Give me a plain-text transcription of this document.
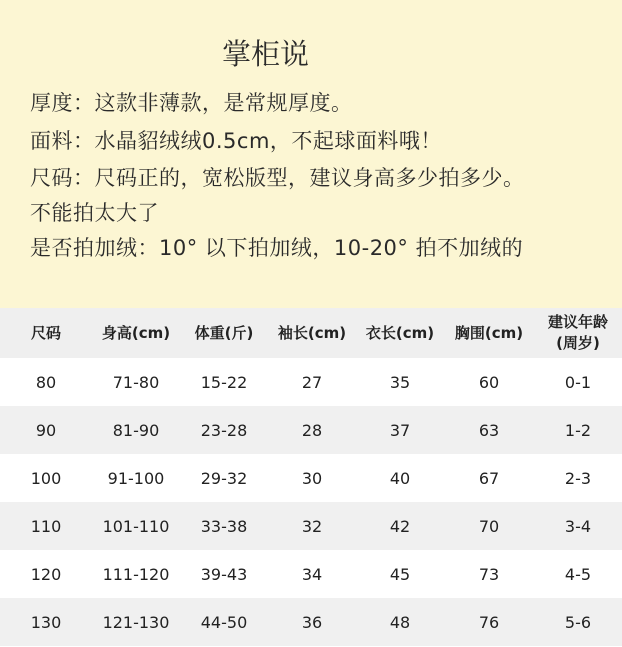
掌柜说
厚度：这款非薄款，是常规厚度。
面料：水晶貂绒绒0.5cm，不起球面料哦！
尺码：尺码正的，宽松版型，建议身高多少拍多少。
不能拍太大了
是否拍加绒：10° 以下拍加绒，10-20° 拍不加绒的
尺码	身高(cm)	体重(斤)	袖长(cm)	衣长(cm)	胸围(cm)	建议年龄
(周岁)

80	71-80	15-22	27	35	60	0-1
90	81-90	23-28	28	37	63	1-2
100	91-100	29-32	30	40	67	2-3
110	101-110	33-38	32	42	70	3-4
120	111-120	39-43	34	45	73	4-5
130	121-130	44-50	36	48	76	5-6
